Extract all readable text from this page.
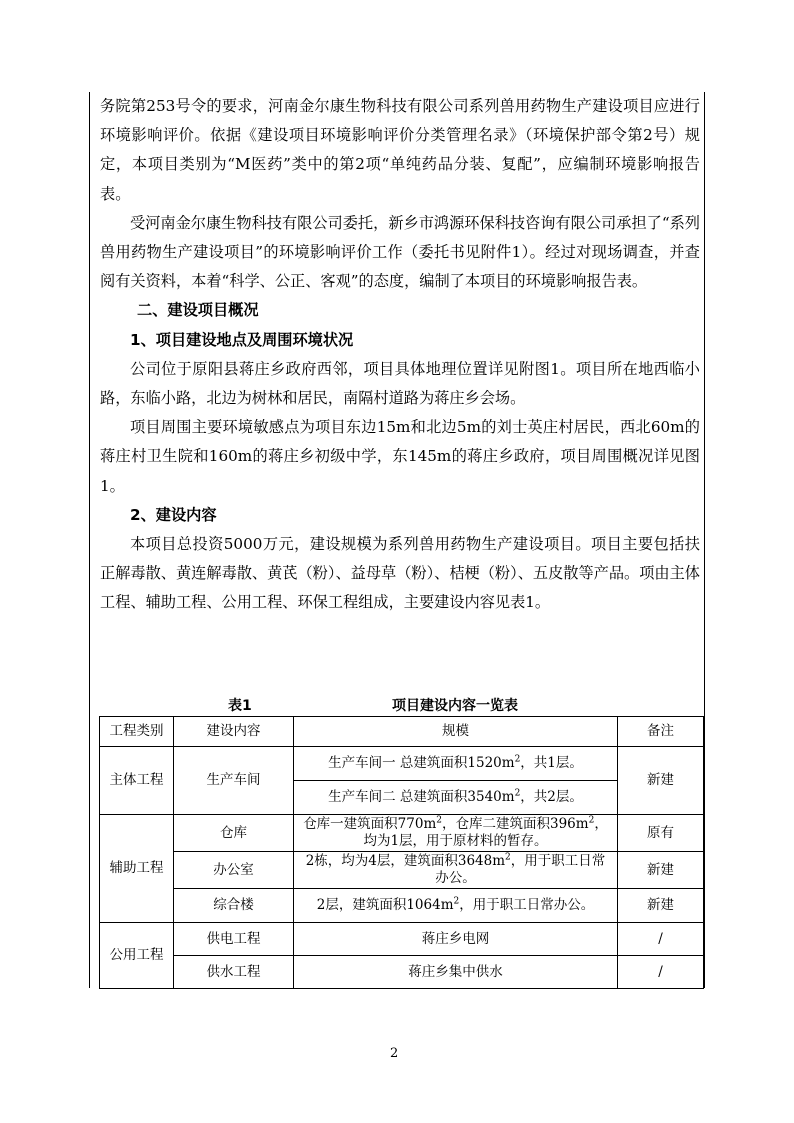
务院第253号令的要求，河南金尔康生物科技有限公司系列兽用药物生产建设项目应进行环境影响评价。依据《建设项目环境影响评价分类管理名录》（环境保护部令第2号）规定，本项目类别为“M医药”类中的第2项“单纯药品分装、复配”，应编制环境影响报告表。

受河南金尔康生物科技有限公司委托，新乡市鸿源环保科技咨询有限公司承担了“系列兽用药物生产建设项目”的环境影响评价工作（委托书见附件1）。经过对现场调查，并查阅有关资料，本着“科学、公正、客观”的态度，编制了本项目的环境影响报告表。

二、建设项目概况

1、项目建设地点及周围环境状况

公司位于原阳县蒋庄乡政府西邻，项目具体地理位置详见附图1。项目所在地西临小路，东临小路，北边为树林和居民，南隔村道路为蒋庄乡会场。

项目周围主要环境敏感点为项目东边15m和北边5m的刘士英庄村居民，西北60m的蒋庄村卫生院和160m的蒋庄乡初级中学，东145m的蒋庄乡政府，项目周围概况详见图1。

2、建设内容

本项目总投资5000万元，建设规模为系列兽用药物生产建设项目。项目主要包括扶正解毒散、黄连解毒散、黄芪（粉）、益母草（粉）、桔梗（粉）、五皮散等产品。项由主体工程、辅助工程、公用工程、环保工程组成，主要建设内容见表1。

表1	项目建设内容一览表
工程类别	建设内容	规模	备注
主体工程	生产车间	生产车间一 总建筑面积$1520m^2$，共1层。	新建
		生产车间二 总建筑面积$3540m^2$，共2层。	
辅助工程	仓库	仓库一建筑面积$770m^2$，仓库二建筑面积$396m^2$，
均为1层，用于原材料的暂存。	原有
	办公室	2栋，均为4层，建筑面积$3648m^2$，用于职工日常
办公。	新建
	综合楼	2层，建筑面积$1064m^2$，用于职工日常办公。	新建
公用工程	供电工程	蒋庄乡电网	/
	供水工程	蒋庄乡集中供水	/
2
